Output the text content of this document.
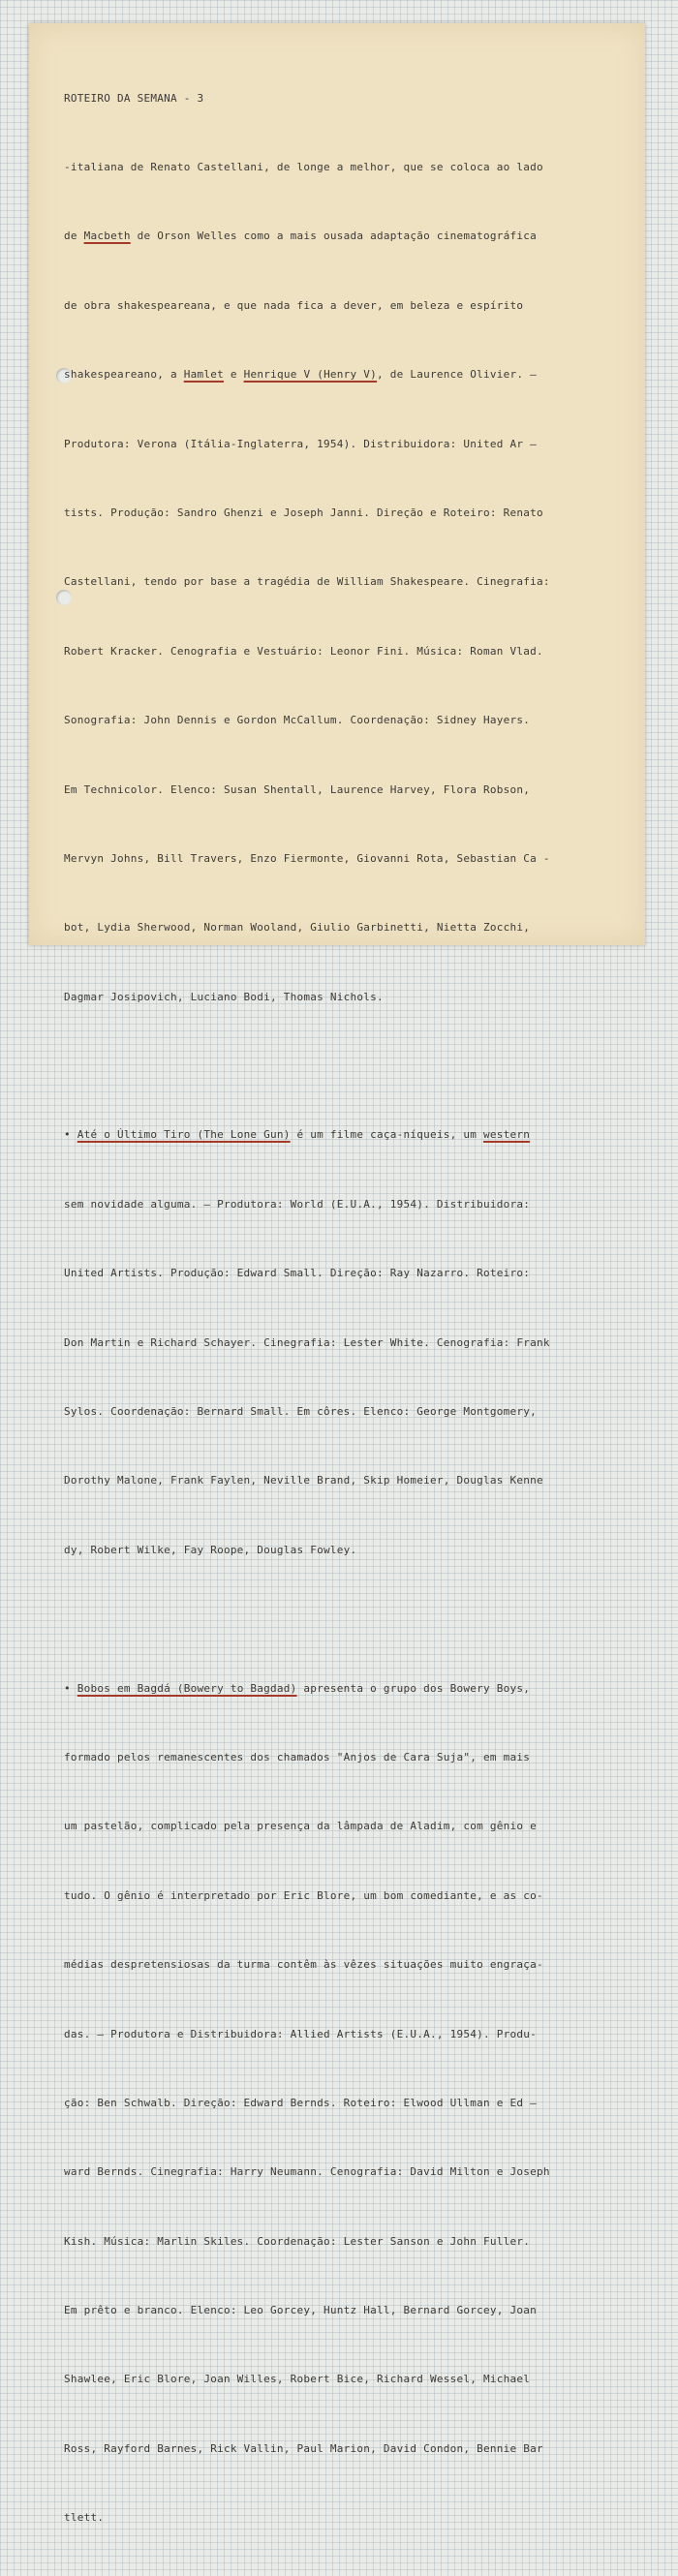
ROTEIRO DA SEMANA - 3

-italiana de Renato Castellani, de longe a melhor, que se coloca ao lado

de Macbeth de Orson Welles como a mais ousada adaptação cinematográfica

de obra shakespeareana, e que nada fica a dever, em beleza e espírito

shakespeareano, a Hamlet e Henrique V (Henry V), de Laurence Olivier. —

Produtora: Verona (Itália-Inglaterra, 1954). Distribuidora: United Ar —

tists. Produção: Sandro Ghenzi e Joseph Janni. Direção e Roteiro: Renato

Castellani, tendo por base a tragédia de William Shakespeare. Cinegrafia:

Robert Kracker. Cenografia e Vestuário: Leonor Fini. Música: Roman Vlad.

Sonografia: John Dennis e Gordon McCallum. Coordenação: Sidney Hayers.

Em Technicolor. Elenco: Susan Shentall, Laurence Harvey, Flora Robson,

Mervyn Johns, Bill Travers, Enzo Fiermonte, Giovanni Rota, Sebastian Ca -

bot, Lydia Sherwood, Norman Wooland, Giulio Garbinetti, Nietta Zocchi,

Dagmar Josipovich, Luciano Bodi, Thomas Nichols.

• Até o Último Tiro (The Lone Gun) é um filme caça-níqueis, um western

sem novidade alguma. — Produtora: World (E.U.A., 1954). Distribuidora:

United Artists. Produção: Edward Small. Direção: Ray Nazarro. Roteiro:

Don Martin e Richard Schayer. Cinegrafia: Lester White. Cenografia: Frank

Sylos. Coordenação: Bernard Small. Em côres. Elenco: George Montgomery,

Dorothy Malone, Frank Faylen, Neville Brand, Skip Homeier, Douglas Kenne

dy, Robert Wilke, Fay Roope, Douglas Fowley.

• Bobos em Bagdá (Bowery to Bagdad) apresenta o grupo dos Bowery Boys,

formado pelos remanescentes dos chamados "Anjos de Cara Suja", em mais

um pastelão, complicado pela presença da lâmpada de Aladim, com gênio e

tudo. O gênio é interpretado por Eric Blore, um bom comediante, e as co-

médias despretensiosas da turma contêm às vêzes situações muito engraça-

das. — Produtora e Distribuidora: Allied Artists (E.U.A., 1954). Produ-

ção: Ben Schwalb. Direção: Edward Bernds. Roteiro: Elwood Ullman e Ed —

ward Bernds. Cinegrafia: Harry Neumann. Cenografia: David Milton e Joseph

Kish. Música: Marlin Skiles. Coordenação: Lester Sanson e John Fuller.

Em prêto e branco. Elenco: Leo Gorcey, Huntz Hall, Bernard Gorcey, Joan

Shawlee, Eric Blore, Joan Willes, Robert Bice, Richard Wessel, Michael

Ross, Rayford Barnes, Rick Vallin, Paul Marion, David Condon, Bennie Bar

tlett.
